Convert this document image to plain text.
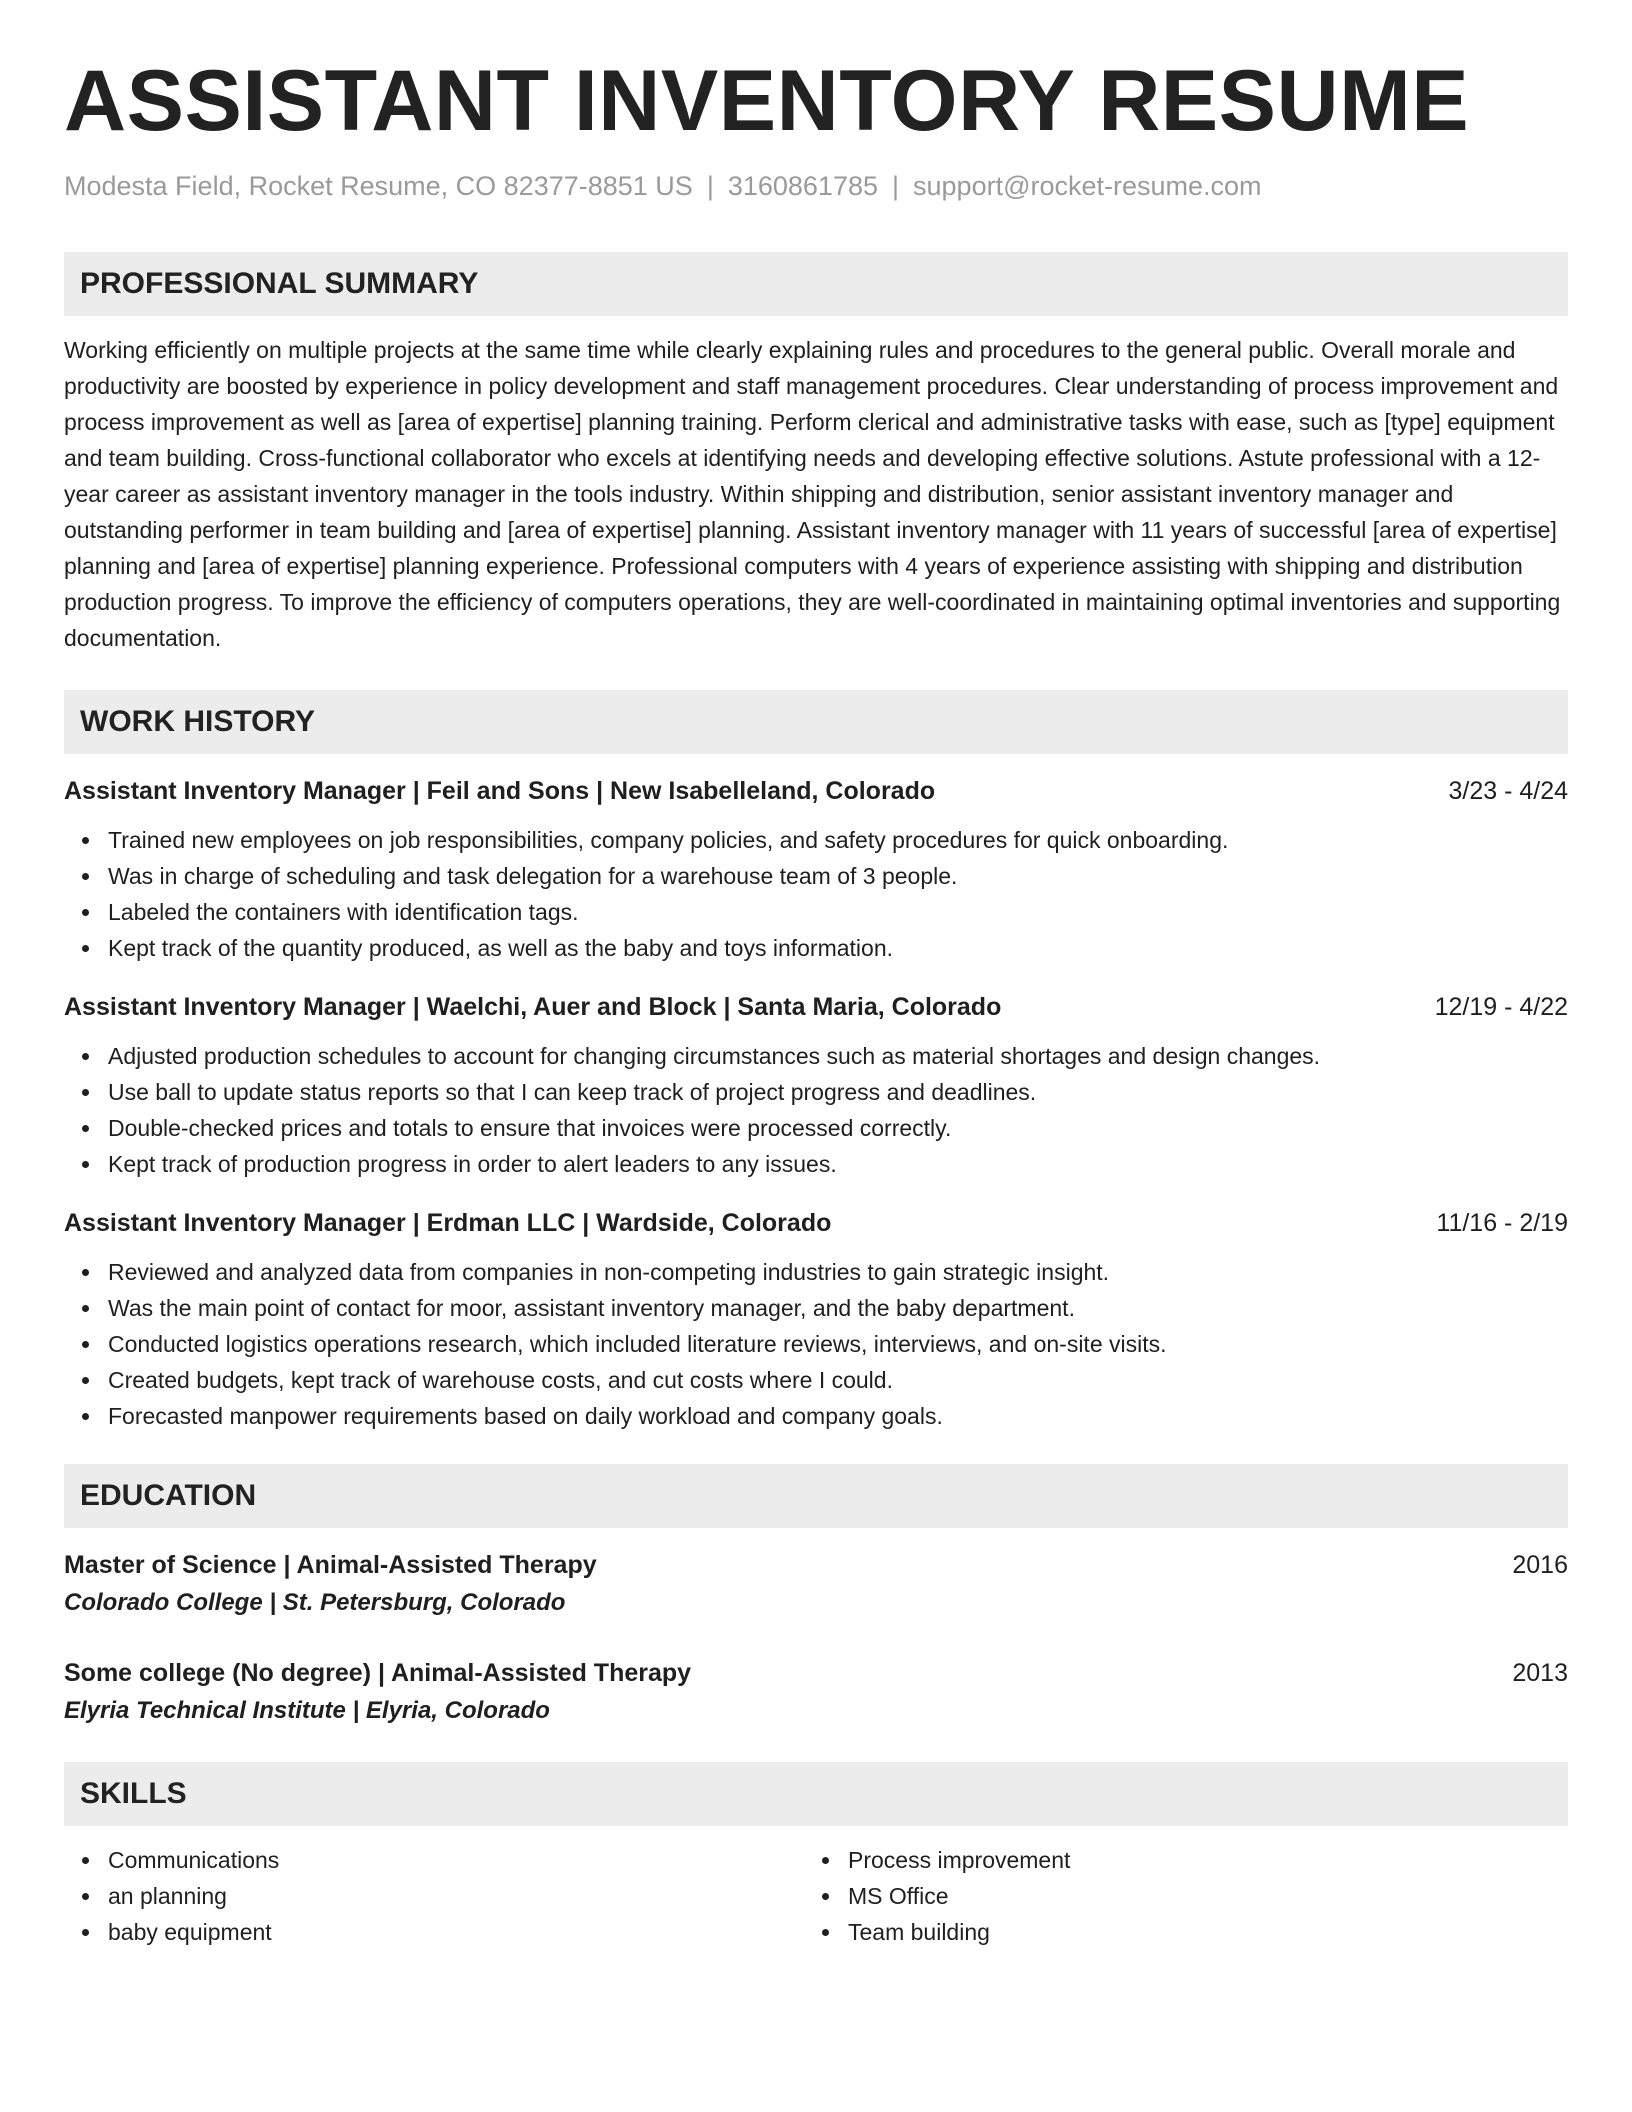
ASSISTANT INVENTORY RESUME
Modesta Field, Rocket Resume, CO 82377-8851 US | 3160861785 | support@rocket-resume.com
PROFESSIONAL SUMMARY

Working efficiently on multiple projects at the same time while clearly explaining rules and procedures to the general public. Overall morale and productivity are boosted by experience in policy development and staff management procedures. Clear understanding of process improvement and process improvement as well as [area of expertise] planning training. Perform clerical and administrative tasks with ease, such as [type] equipment and team building. Cross-functional collaborator who excels at identifying needs and developing effective solutions. Astute professional with a 12-year career as assistant inventory manager in the tools industry. Within shipping and distribution, senior assistant inventory manager and outstanding performer in team building and [area of expertise] planning. Assistant inventory manager with 11 years of successful [area of expertise] planning and [area of expertise] planning experience. Professional computers with 4 years of experience assisting with shipping and distribution production progress. To improve the efficiency of computers operations, they are well-coordinated in maintaining optimal inventories and supporting documentation.

WORK HISTORY
Assistant Inventory Manager | Feil and Sons | New Isabelleland, Colorado	3/23 - 4/24
Trained new employees on job responsibilities, company policies, and safety procedures for quick onboarding.
Was in charge of scheduling and task delegation for a warehouse team of 3 people.
Labeled the containers with identification tags.
Kept track of the quantity produced, as well as the baby and toys information.
Assistant Inventory Manager | Waelchi, Auer and Block | Santa Maria, Colorado	12/19 - 4/22
Adjusted production schedules to account for changing circumstances such as material shortages and design changes.
Use ball to update status reports so that I can keep track of project progress and deadlines.
Double-checked prices and totals to ensure that invoices were processed correctly.
Kept track of production progress in order to alert leaders to any issues.
Assistant Inventory Manager | Erdman LLC | Wardside, Colorado	11/16 - 2/19
Reviewed and analyzed data from companies in non-competing industries to gain strategic insight.
Was the main point of contact for moor, assistant inventory manager, and the baby department.
Conducted logistics operations research, which included literature reviews, interviews, and on-site visits.
Created budgets, kept track of warehouse costs, and cut costs where I could.
Forecasted manpower requirements based on daily workload and company goals.
EDUCATION
Master of Science | Animal-Assisted Therapy	2016
Colorado College | St. Petersburg, Colorado
Some college (No degree) | Animal-Assisted Therapy	2013
Elyria Technical Institute | Elyria, Colorado
SKILLS
Communications
an planning
baby equipment
Process improvement
MS Office
Team building
